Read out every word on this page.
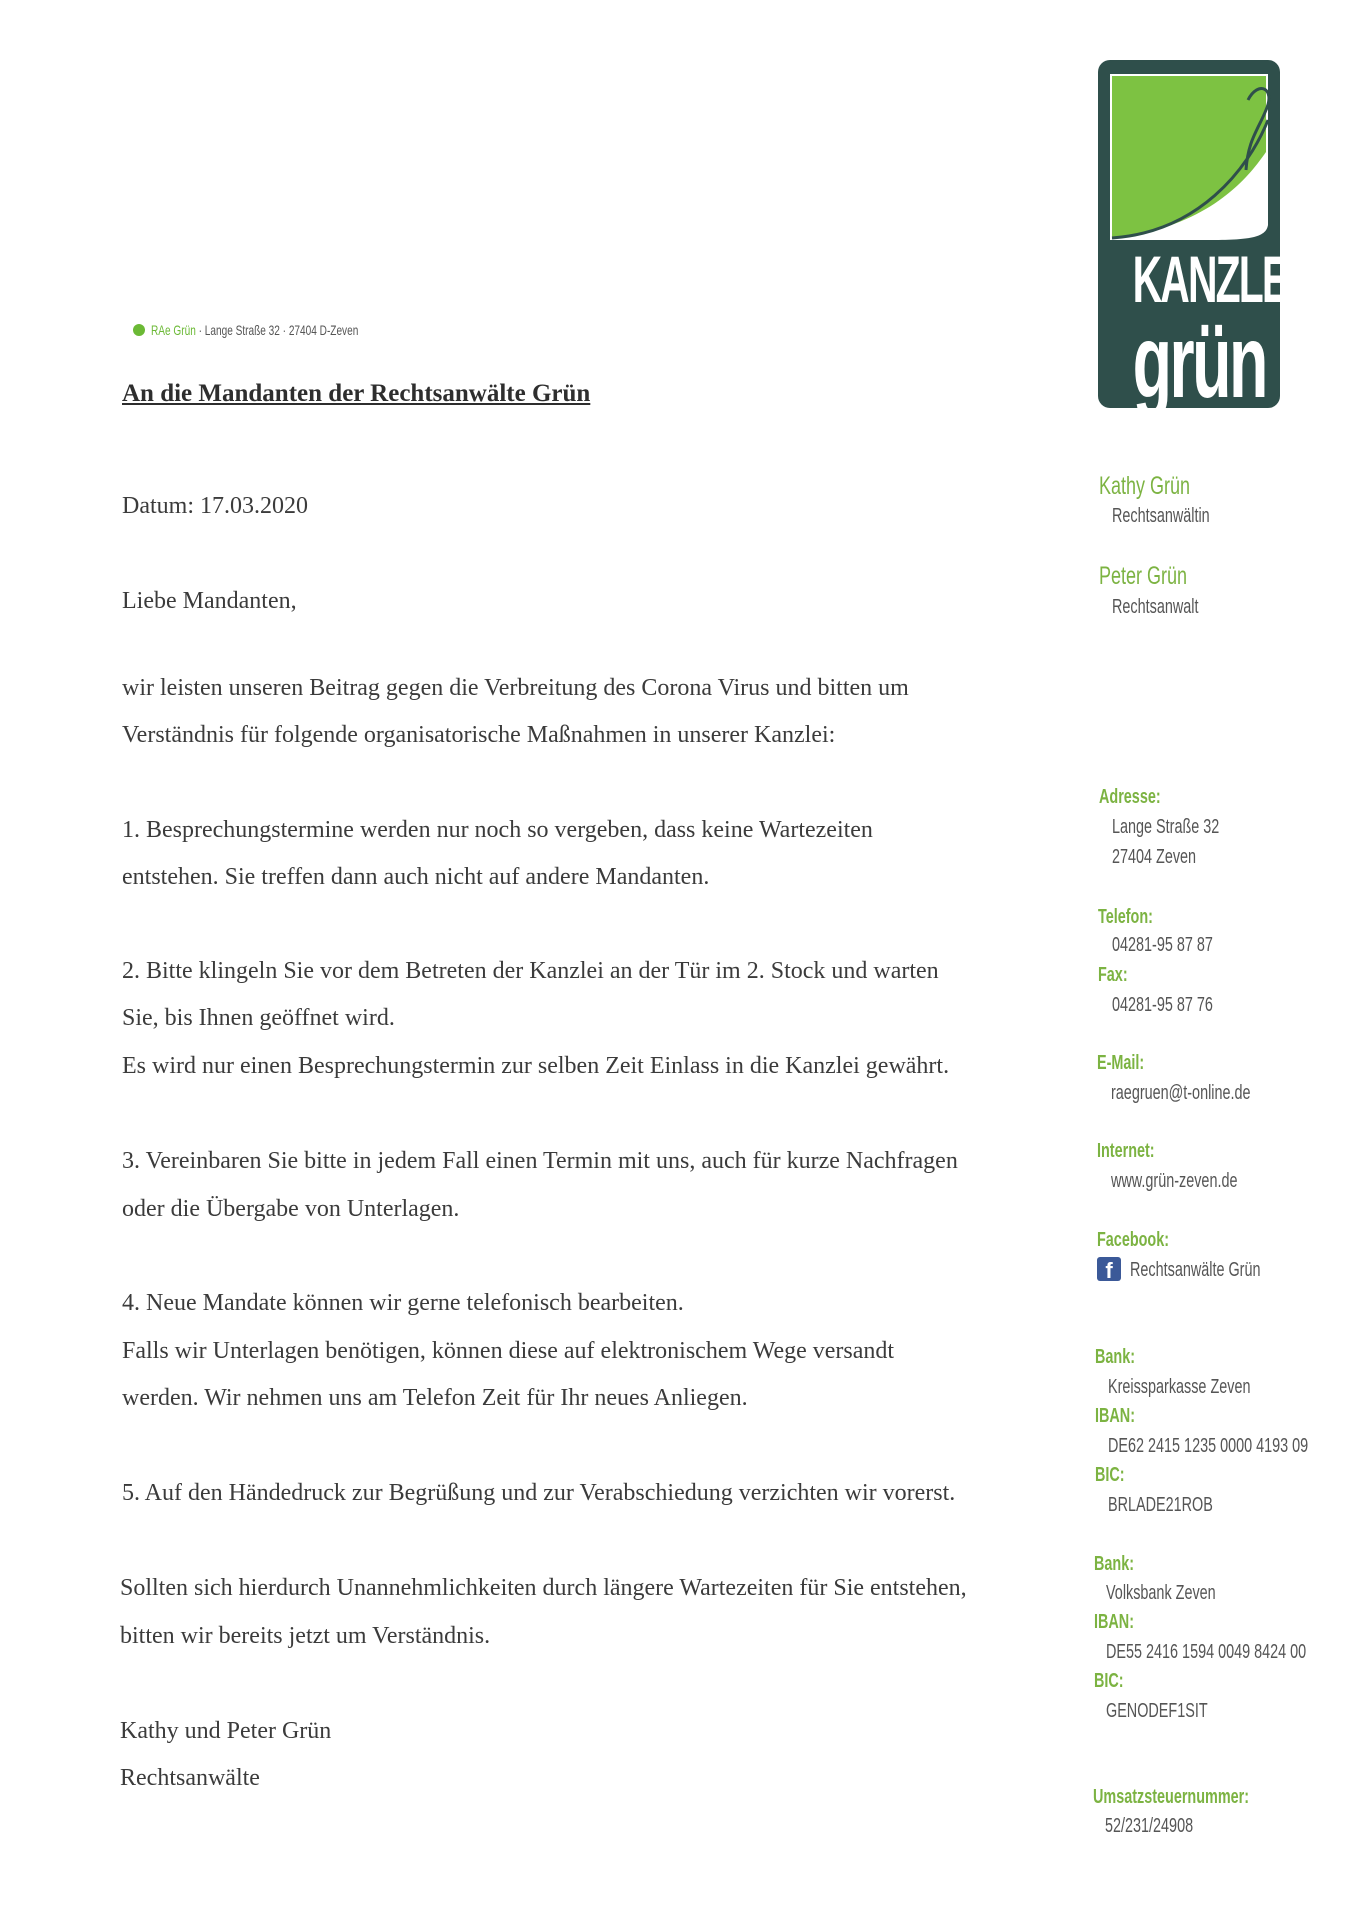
KANZLEI
grün
RAe Grün · Lange Straße 32 · 27404 D-Zeven
An die Mandanten der Rechtsanwälte Grün
Datum: 17.03.2020
Liebe Mandanten,
wir leisten unseren Beitrag gegen die Verbreitung des Corona Virus und bitten um
Verständnis für folgende organisatorische Maßnahmen in unserer Kanzlei:
1. Besprechungstermine werden nur noch so vergeben, dass keine Wartezeiten
entstehen. Sie treffen dann auch nicht auf andere Mandanten.
2. Bitte klingeln Sie vor dem Betreten der Kanzlei an der Tür im 2. Stock und warten
Sie, bis Ihnen geöffnet wird.
Es wird nur einen Besprechungstermin zur selben Zeit Einlass in die Kanzlei gewährt.
3. Vereinbaren Sie bitte in jedem Fall einen Termin mit uns, auch für kurze Nachfragen
oder die Übergabe von Unterlagen.
4. Neue Mandate können wir gerne telefonisch bearbeiten.
Falls wir Unterlagen benötigen, können diese auf elektronischem Wege versandt
werden. Wir nehmen uns am Telefon Zeit für Ihr neues Anliegen.
5. Auf den Händedruck zur Begrüßung und zur Verabschiedung verzichten wir vorerst.
Sollten sich hierdurch Unannehmlichkeiten durch längere Wartezeiten für Sie entstehen,
bitten wir bereits jetzt um Verständnis.
Kathy und Peter Grün
Rechtsanwälte
Kathy Grün
Rechtsanwältin
Peter Grün
Rechtsanwalt
Adresse:
Lange Straße 32
27404 Zeven
Telefon:
04281-95 87 87
Fax:
04281-95 87 76
E-Mail:
raegruen@t-online.de
Internet:
www.grün-zeven.de
Facebook:
f Rechtsanwälte Grün
Bank:
Kreissparkasse Zeven
IBAN:
DE62 2415 1235 0000 4193 09
BIC:
BRLADE21ROB
Bank:
Volksbank Zeven
IBAN:
DE55 2416 1594 0049 8424 00
BIC:
GENODEF1SIT
Umsatzsteuernummer:
52/231/24908
